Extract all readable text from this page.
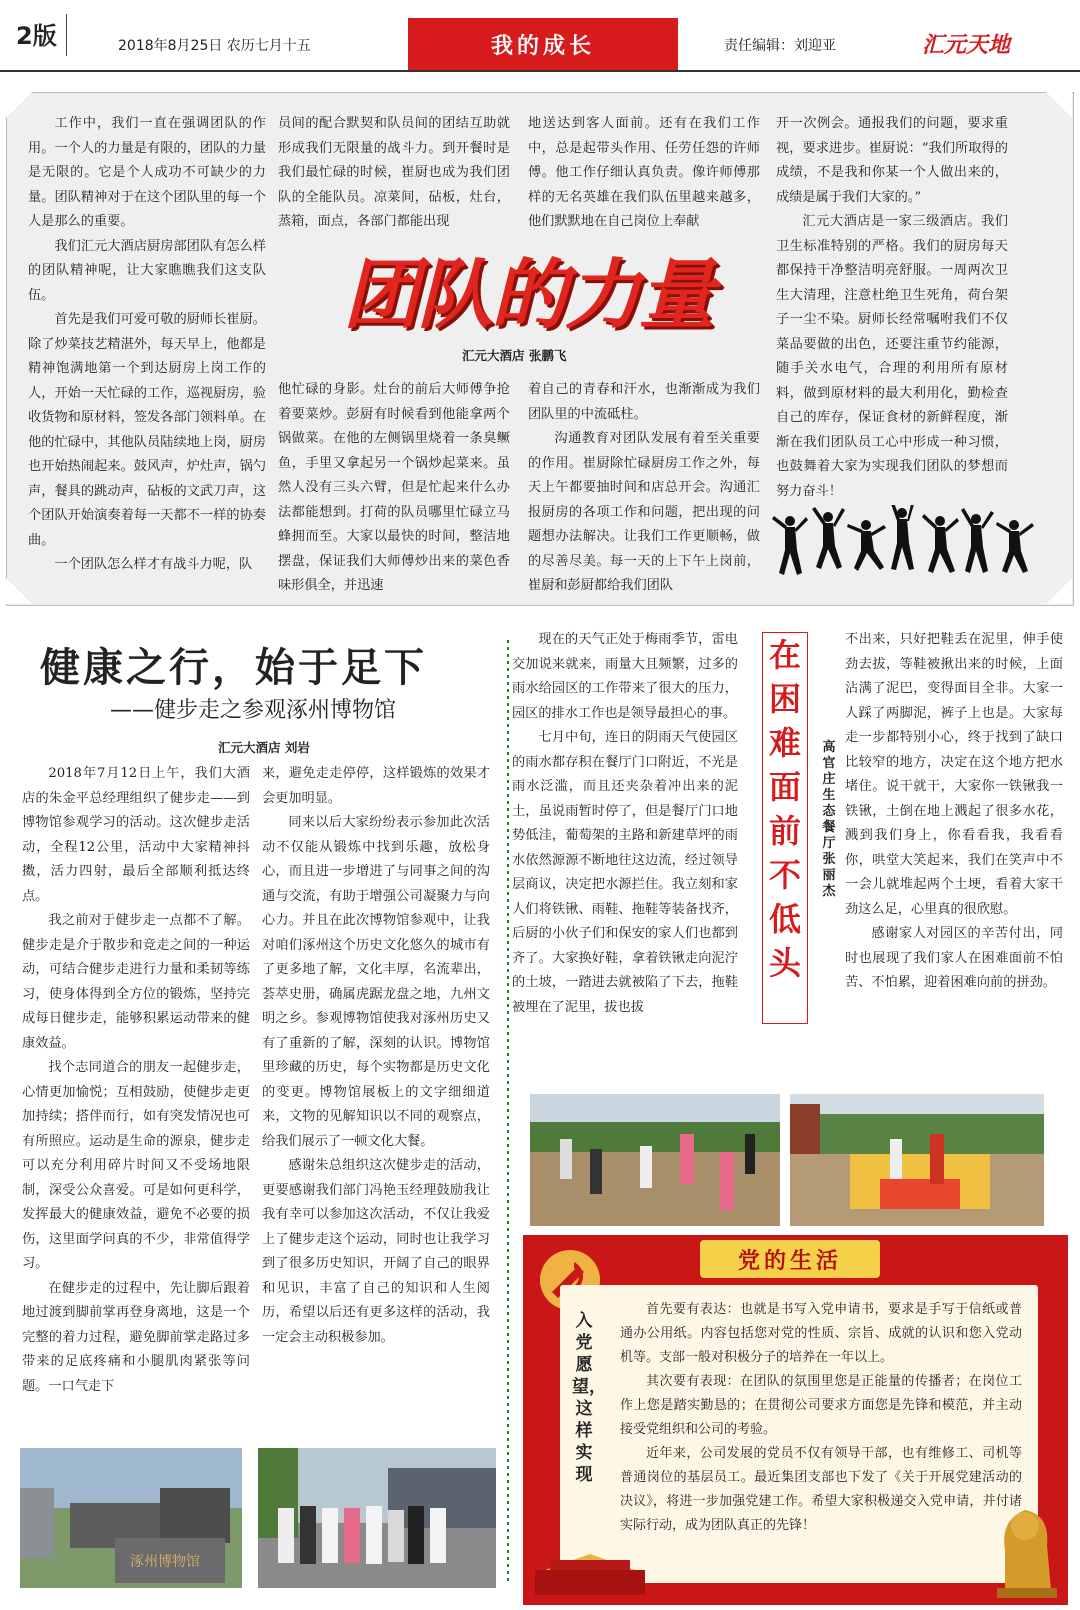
2版	2018年8月25日 农历七月十五	我的成长	责任编辑：刘迎亚	汇元天地

工作中，我们一直在强调团队的作用。一个人的力量是有限的，团队的力量是无限的。它是个人成功不可缺少的力量。团队精神对于在这个团队里的每一个人是那么的重要。

我们汇元大酒店厨房部团队有怎么样的团队精神呢，让大家瞧瞧我们这支队伍。

首先是我们可爱可敬的厨师长崔厨。除了炒菜技艺精湛外，每天早上，他都是精神饱满地第一个到达厨房上岗工作的人，开始一天忙碌的工作，巡视厨房，验收货物和原材料，签发各部门领料单。在他的忙碌中，其他队员陆续地上岗，厨房也开始热闹起来。鼓风声，炉灶声，锅勺声，餐具的跳动声，砧板的文武刀声，这个团队开始演奏着每一天都不一样的协奏曲。

一个团队怎么样才有战斗力呢，队

员间的配合默契和队员间的团结互助就形成我们无限量的战斗力。到开餐时是我们最忙碌的时候，崔厨也成为我们团队的全能队员。凉菜间，砧板，灶台，蒸箱，面点，各部门都能出现

地送达到客人面前。还有在我们工作中，总是起带头作用、任劳任怨的许师傅。他工作仔细认真负责。像许师傅那样的无名英雄在我们队伍里越来越多，他们默默地在自己岗位上奉献

团队的力量
汇元大酒店 张鹏飞

他忙碌的身影。灶台的前后大师傅争抢着要菜炒。彭厨有时候看到他能拿两个锅做菜。在他的左侧锅里烧着一条臭鳜鱼，手里又拿起另一个锅炒起菜来。虽然人没有三头六臂，但是忙起来什么办法都能想到。打荷的队员哪里忙碌立马蜂拥而至。大家以最快的时间，整洁地摆盘，保证我们大师傅炒出来的菜色香味形俱全，并迅速

着自己的青春和汗水，也渐渐成为我们团队里的中流砥柱。

沟通教育对团队发展有着至关重要的作用。崔厨除忙碌厨房工作之外，每天上午都要抽时间和店总开会。沟通汇报厨房的各项工作和问题，把出现的问题想办法解决。让我们工作更顺畅，做的尽善尽美。每一天的上下午上岗前，崔厨和彭厨都给我们团队

开一次例会。通报我们的问题，要求重视，要求进步。崔厨说：“我们所取得的成绩，不是我和你某一个人做出来的，成绩是属于我们大家的。”

汇元大酒店是一家三级酒店。我们卫生标准特别的严格。我们的厨房每天都保持干净整洁明亮舒服。一周两次卫生大清理，注意杜绝卫生死角，荷台架子一尘不染。厨师长经常嘱咐我们不仅菜品要做的出色，还要注重节约能源，随手关水电气，合理的利用所有原材料，做到原材料的最大利用化，勤检查自己的库存，保证食材的新鲜程度，渐渐在我们团队员工心中形成一种习惯，也鼓舞着大家为实现我们团队的梦想而努力奋斗！

健康之行，始于足下
——健步走之参观涿州博物馆
汇元大酒店 刘岩

2018年7月12日上午，我们大酒店的朱金平总经理组织了健步走——到博物馆参观学习的活动。这次健步走活动，全程12公里，活动中大家精神抖擞，活力四射，最后全部顺利抵达终点。

我之前对于健步走一点都不了解。健步走是介于散步和竞走之间的一种运动，可结合健步走进行力量和柔韧等练习，使身体得到全方位的锻炼，坚持完成每日健步走，能够积累运动带来的健康效益。

找个志同道合的朋友一起健步走，心情更加愉悦；互相鼓励，使健步走更加持续；搭伴而行，如有突发情况也可有所照应。运动是生命的源泉，健步走可以充分利用碎片时间又不受场地限制，深受公众喜爱。可是如何更科学，发挥最大的健康效益，避免不必要的损伤，这里面学问真的不少，非常值得学习。

在健步走的过程中，先让脚后跟着地过渡到脚前掌再登身离地，这是一个完整的着力过程，避免脚前掌走路过多带来的足底疼痛和小腿肌肉紧张等问题。一口气走下

来，避免走走停停，这样锻炼的效果才会更加明显。

同来以后大家纷纷表示参加此次活动不仅能从锻炼中找到乐趣，放松身心，而且进一步增进了与同事之间的沟通与交流，有助于增强公司凝聚力与向心力。并且在此次博物馆参观中，让我对咱们涿州这个历史文化悠久的城市有了更多地了解，文化丰厚，名流辈出，荟萃史册，确属虎踞龙盘之地，九州文明之乡。参观博物馆使我对涿州历史又有了重新的了解，深刻的认识。博物馆里珍藏的历史，每个实物都是历史文化的变更。博物馆展板上的文字细细道来，文物的见解知识以不同的观察点，给我们展示了一顿文化大餐。

感谢朱总组织这次健步走的活动，更要感谢我们部门冯艳玉经理鼓励我让我有幸可以参加这次活动，不仅让我爱上了健步走这个运动，同时也让我学习到了很多历史知识，开阔了自己的眼界和见识，丰富了自己的知识和人生阅历，希望以后还有更多这样的活动，我一定会主动积极参加。

涿州博物馆

现在的天气正处于梅雨季节，雷电交加说来就来，雨量大且频繁，过多的雨水给园区的工作带来了很大的压力，园区的排水工作也是领导最担心的事。

七月中旬，连日的阴雨天气使园区的雨水都存积在餐厅门口附近，不光是雨水泛滥，而且还夹杂着冲出来的泥土，虽说雨暂时停了，但是餐厅门口地势低洼，葡萄架的主路和新建草坪的雨水依然源源不断地往这边流，经过领导层商议，决定把水源拦住。我立刻和家人们将铁锹、雨鞋、拖鞋等装备找齐，后厨的小伙子们和保安的家人们也都到齐了。大家换好鞋，拿着铁锹走向泥泞的土坡，一踏进去就被陷了下去，拖鞋被埋在了泥里，拔也拔

在困难面前不低头
高官庄生态餐厅 张丽杰

不出来，只好把鞋丢在泥里，伸手使劲去拔，等鞋被揪出来的时候，上面沾满了泥巴，变得面目全非。大家一人踩了两脚泥，裤子上也是。大家每走一步都特别小心，终于找到了缺口比较窄的地方，决定在这个地方把水堵住。说干就干，大家你一铁锹我一铁锹，土倒在地上溅起了很多水花，溅到我们身上，你看看我，我看看你，哄堂大笑起来，我们在笑声中不一会儿就堆起两个土埂，看着大家干劲这么足，心里真的很欣慰。

感谢家人对园区的辛苦付出，同时也展现了我们家人在困难面前不怕苦、不怕累，迎着困难向前的拼劲。

党的生活
入党愿望，这样实现

首先要有表达：也就是书写入党申请书，要求是手写于信纸或普通办公用纸。内容包括您对党的性质、宗旨、成就的认识和您入党动机等。支部一般对积极分子的培养在一年以上。

其次要有表现：在团队的氛围里您是正能量的传播者；在岗位工作上您是踏实勤恳的；在贯彻公司要求方面您是先锋和模范，并主动接受党组织和公司的考验。

近年来，公司发展的党员不仅有领导干部，也有维修工、司机等普通岗位的基层员工。最近集团支部也下发了《关于开展党建活动的决议》，将进一步加强党建工作。希望大家积极递交入党申请，并付诸实际行动，成为团队真正的先锋！
